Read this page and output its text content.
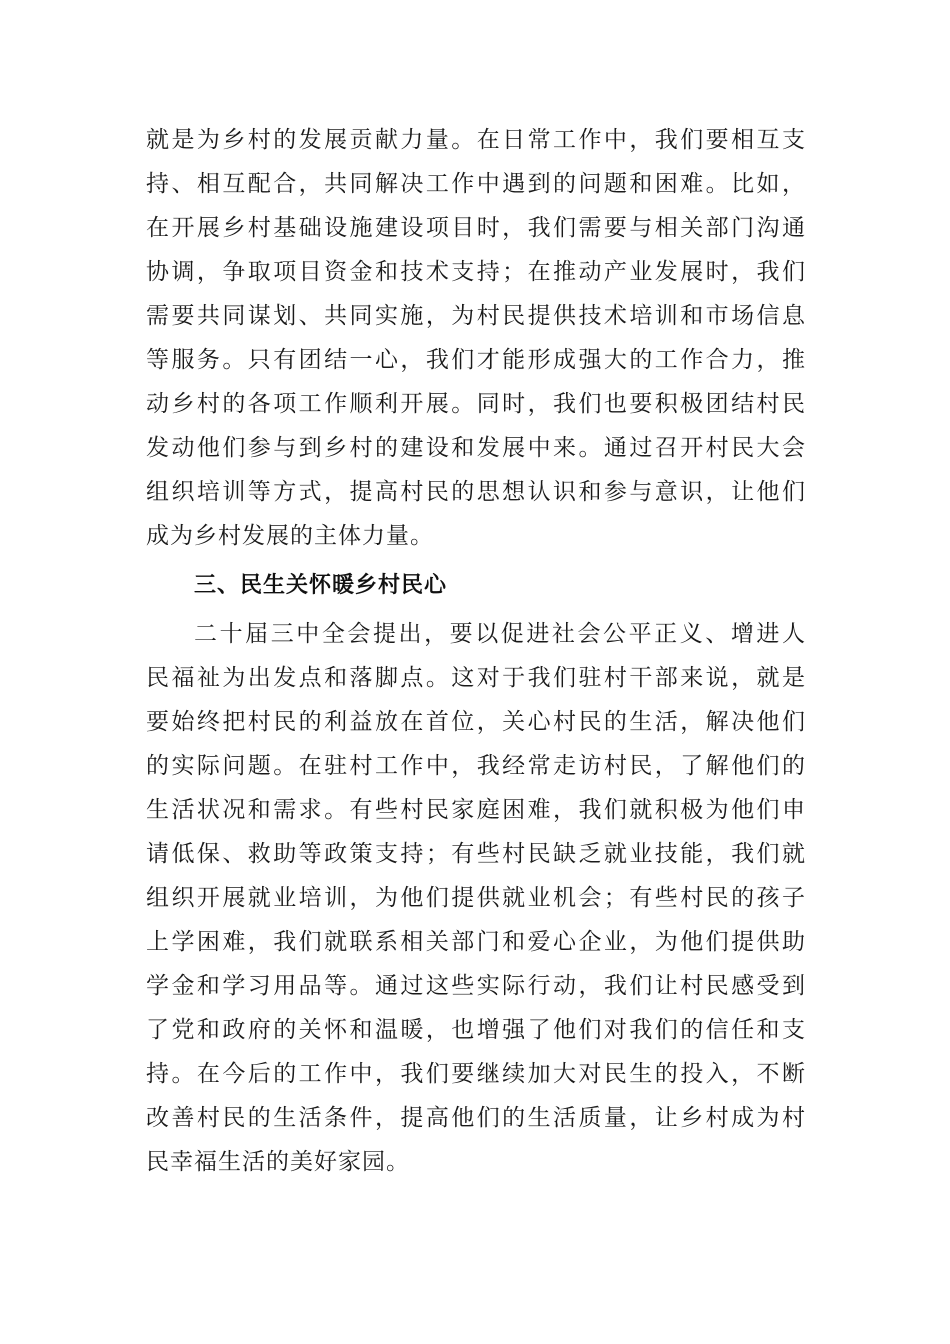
就是为乡村的发展贡献力量。在日常工作中，我们要相互支
持、相互配合，共同解决工作中遇到的问题和困难。比如，
在开展乡村基础设施建设项目时，我们需要与相关部门沟通
协调，争取项目资金和技术支持；在推动产业发展时，我们
需要共同谋划、共同实施，为村民提供技术培训和市场信息
等服务。只有团结一心，我们才能形成强大的工作合力，推
动乡村的各项工作顺利开展。同时，我们也要积极团结村民
发动他们参与到乡村的建设和发展中来。通过召开村民大会
组织培训等方式，提高村民的思想认识和参与意识，让他们
成为乡村发展的主体力量。
三、民生关怀暖乡村民心
二十届三中全会提出，要以促进社会公平正义、增进人
民福祉为出发点和落脚点。这对于我们驻村干部来说，就是
要始终把村民的利益放在首位，关心村民的生活，解决他们
的实际问题。在驻村工作中，我经常走访村民，了解他们的
生活状况和需求。有些村民家庭困难，我们就积极为他们申
请低保、救助等政策支持；有些村民缺乏就业技能，我们就
组织开展就业培训，为他们提供就业机会；有些村民的孩子
上学困难，我们就联系相关部门和爱心企业，为他们提供助
学金和学习用品等。通过这些实际行动，我们让村民感受到
了党和政府的关怀和温暖，也增强了他们对我们的信任和支
持。在今后的工作中，我们要继续加大对民生的投入，不断
改善村民的生活条件，提高他们的生活质量，让乡村成为村
民幸福生活的美好家园。
